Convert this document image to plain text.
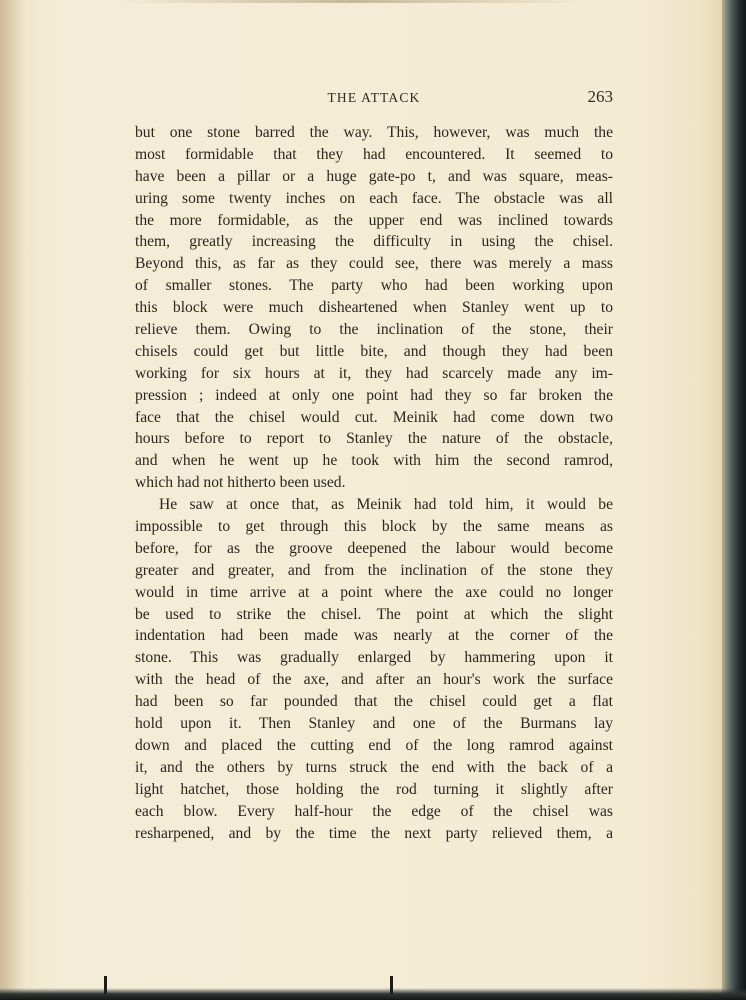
THE ATTACK	263
but one stone barred the way. This, however, was much the
most formidable that they had encountered. It seemed to
have been a pillar or a huge gate-po t, and was square, meas-
uring some twenty inches on each face. The obstacle was all
the more formidable, as the upper end was inclined towards
them, greatly increasing the difficulty in using the chisel.
Beyond this, as far as they could see, there was merely a mass
of smaller stones. The party who had been working upon
this block were much disheartened when Stanley went up to
relieve them. Owing to the inclination of the stone, their
chisels could get but little bite, and though they had been
working for six hours at it, they had scarcely made any im-
pression ; indeed at only one point had they so far broken the
face that the chisel would cut. Meinik had come down two
hours before to report to Stanley the nature of the obstacle,
and when he went up he took with him the second ramrod,
which had not hitherto been used.
He saw at once that, as Meinik had told him, it would be
impossible to get through this block by the same means as
before, for as the groove deepened the labour would become
greater and greater, and from the inclination of the stone they
would in time arrive at a point where the axe could no longer
be used to strike the chisel. The point at which the slight
indentation had been made was nearly at the corner of the
stone. This was gradually enlarged by hammering upon it
with the head of the axe, and after an hour's work the surface
had been so far pounded that the chisel could get a flat
hold upon it. Then Stanley and one of the Burmans lay
down and placed the cutting end of the long ramrod against
it, and the others by turns struck the end with the back of a
light hatchet, those holding the rod turning it slightly after
each blow. Every half-hour the edge of the chisel was
resharpened, and by the time the next party relieved them, a
